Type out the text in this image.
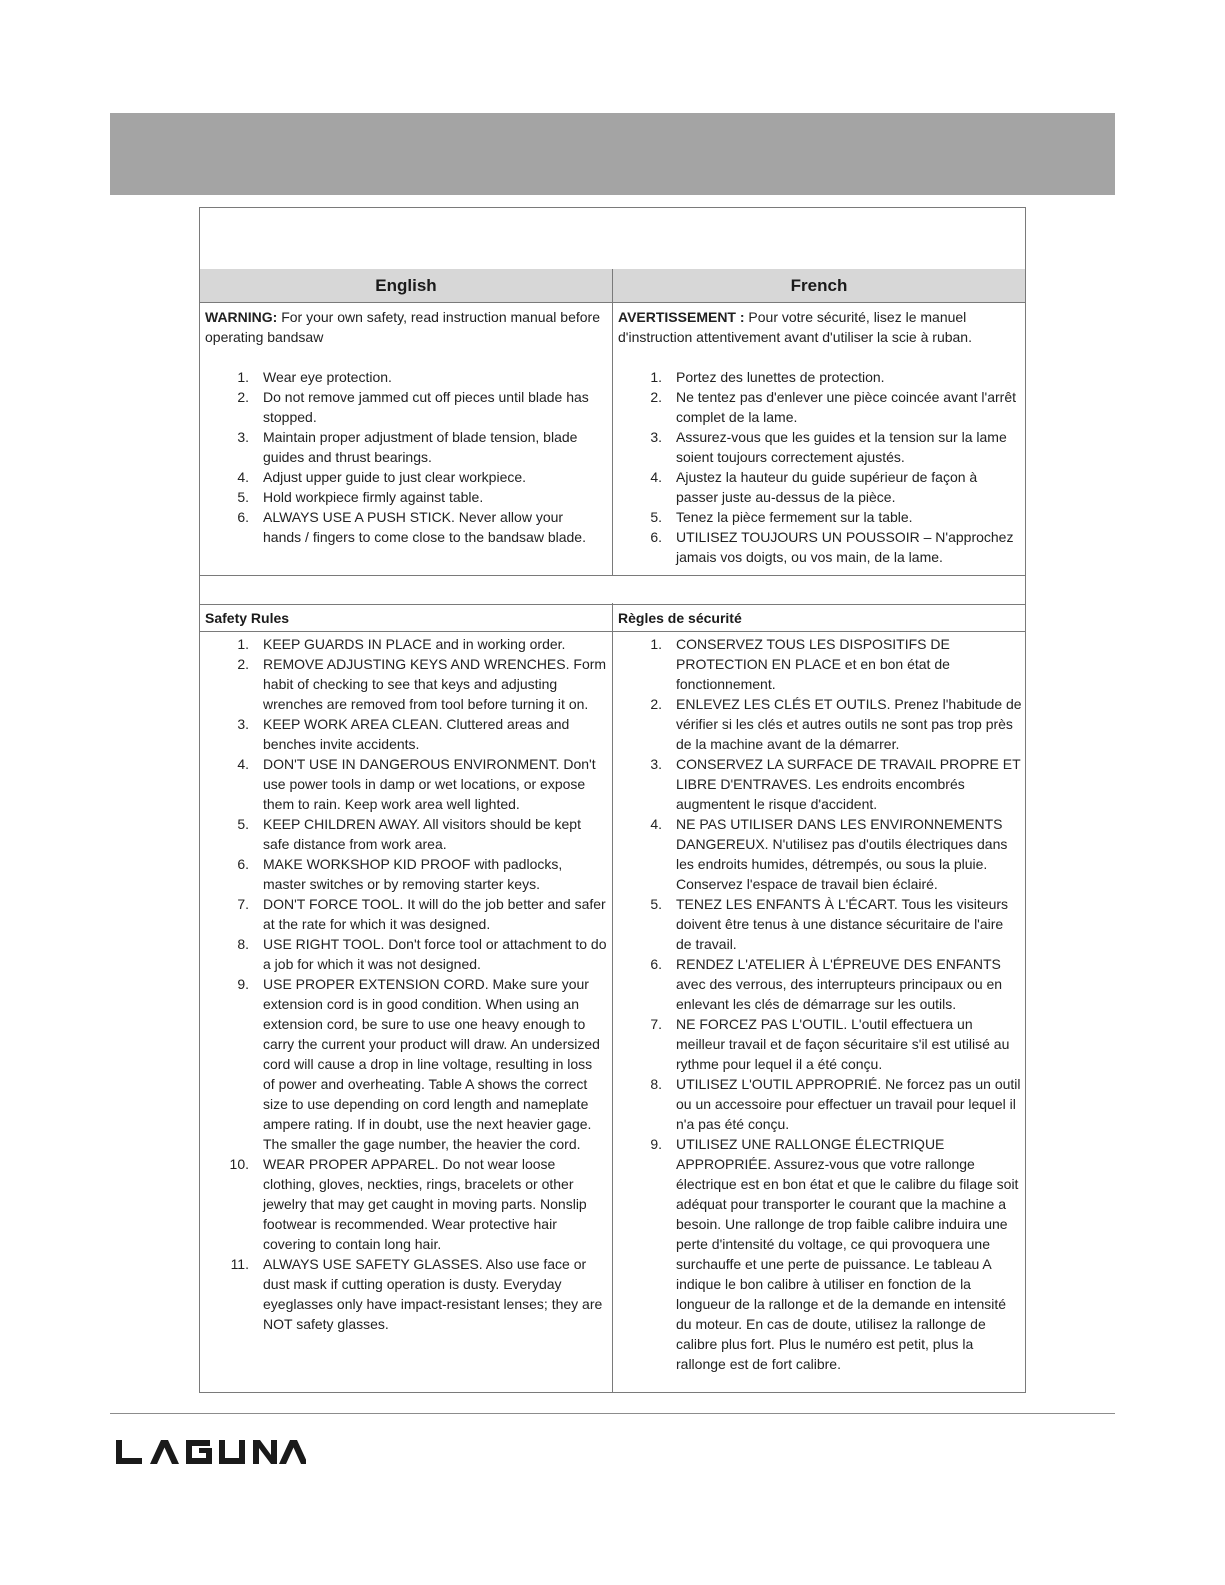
English	French
WARNING: For your own safety, read instruction manual before operating bandsaw
1. Wear eye protection.
2. Do not remove jammed cut off pieces until blade has stopped.
3. Maintain proper adjustment of blade tension, blade guides and thrust bearings.
4. Adjust upper guide to just clear workpiece.
5. Hold workpiece firmly against table.
6. ALWAYS USE A PUSH STICK. Never allow your hands / fingers to come close to the bandsaw blade.
AVERTISSEMENT : Pour votre sécurité, lisez le manuel d'instruction attentivement avant d'utiliser la scie à ruban.
1. Portez des lunettes de protection.
2. Ne tentez pas d'enlever une pièce coincée avant l'arrêt complet de la lame.
3. Assurez-vous que les guides et la tension sur la lame soient toujours correctement ajustés.
4. Ajustez la hauteur du guide supérieur de façon à passer juste au-dessus de la pièce.
5. Tenez la pièce fermement sur la table.
6. UTILISEZ TOUJOURS UN POUSSOIR – N'approchez jamais vos doigts, ou vos main, de la lame.
Safety Rules	Règles de sécurité
1. KEEP GUARDS IN PLACE and in working order.
2. REMOVE ADJUSTING KEYS AND WRENCHES. Form habit of checking to see that keys and adjusting wrenches are removed from tool before turning it on.
3. KEEP WORK AREA CLEAN. Cluttered areas and benches invite accidents.
4. DON'T USE IN DANGEROUS ENVIRONMENT. Don't use power tools in damp or wet locations, or expose them to rain. Keep work area well lighted.
5. KEEP CHILDREN AWAY. All visitors should be kept safe distance from work area.
6. MAKE WORKSHOP KID PROOF with padlocks, master switches or by removing starter keys.
7. DON'T FORCE TOOL. It will do the job better and safer at the rate for which it was designed.
8. USE RIGHT TOOL. Don't force tool or attachment to do a job for which it was not designed.
9. USE PROPER EXTENSION CORD. Make sure your extension cord is in good condition. When using an extension cord, be sure to use one heavy enough to carry the current your product will draw. An undersized cord will cause a drop in line voltage, resulting in loss of power and overheating. Table A shows the correct size to use depending on cord length and nameplate ampere rating. If in doubt, use the next heavier gage. The smaller the gage number, the heavier the cord.
10. WEAR PROPER APPAREL. Do not wear loose clothing, gloves, neckties, rings, bracelets or other jewelry that may get caught in moving parts. Nonslip footwear is recommended. Wear protective hair covering to contain long hair.
11. ALWAYS USE SAFETY GLASSES. Also use face or dust mask if cutting operation is dusty. Everyday eyeglasses only have impact-resistant lenses; they are NOT safety glasses.
1. CONSERVEZ TOUS LES DISPOSITIFS DE PROTECTION EN PLACE et en bon état de fonctionnement.
2. ENLEVEZ LES CLÉS ET OUTILS. Prenez l'habitude de vérifier si les clés et autres outils ne sont pas trop près de la machine avant de la démarrer.
3. CONSERVEZ LA SURFACE DE TRAVAIL PROPRE ET LIBRE D'ENTRAVES. Les endroits encombrés augmentent le risque d'accident.
4. NE PAS UTILISER DANS LES ENVIRONNEMENTS DANGEREUX. N'utilisez pas d'outils électriques dans les endroits humides, détrempés, ou sous la pluie. Conservez l'espace de travail bien éclairé.
5. TENEZ LES ENFANTS À L'ÉCART. Tous les visiteurs doivent être tenus à une distance sécuritaire de l'aire de travail.
6. RENDEZ L'ATELIER À L'ÉPREUVE DES ENFANTS avec des verrous, des interrupteurs principaux ou en enlevant les clés de démarrage sur les outils.
7. NE FORCEZ PAS L'OUTIL. L'outil effectuera un meilleur travail et de façon sécuritaire s'il est utilisé au rythme pour lequel il a été conçu.
8. UTILISEZ L'OUTIL APPROPRIÉ. Ne forcez pas un outil ou un accessoire pour effectuer un travail pour lequel il n'a pas été conçu.
9. UTILISEZ UNE RALLONGE ÉLECTRIQUE APPROPRIÉE. Assurez-vous que votre rallonge électrique est en bon état et que le calibre du filage soit adéquat pour transporter le courant que la machine a besoin. Une rallonge de trop faible calibre induira une perte d'intensité du voltage, ce qui provoquera une surchauffe et une perte de puissance. Le tableau A indique le bon calibre à utiliser en fonction de la longueur de la rallonge et de la demande en intensité du moteur. En cas de doute, utilisez la rallonge de calibre plus fort. Plus le numéro est petit, plus la rallonge est de fort calibre.
